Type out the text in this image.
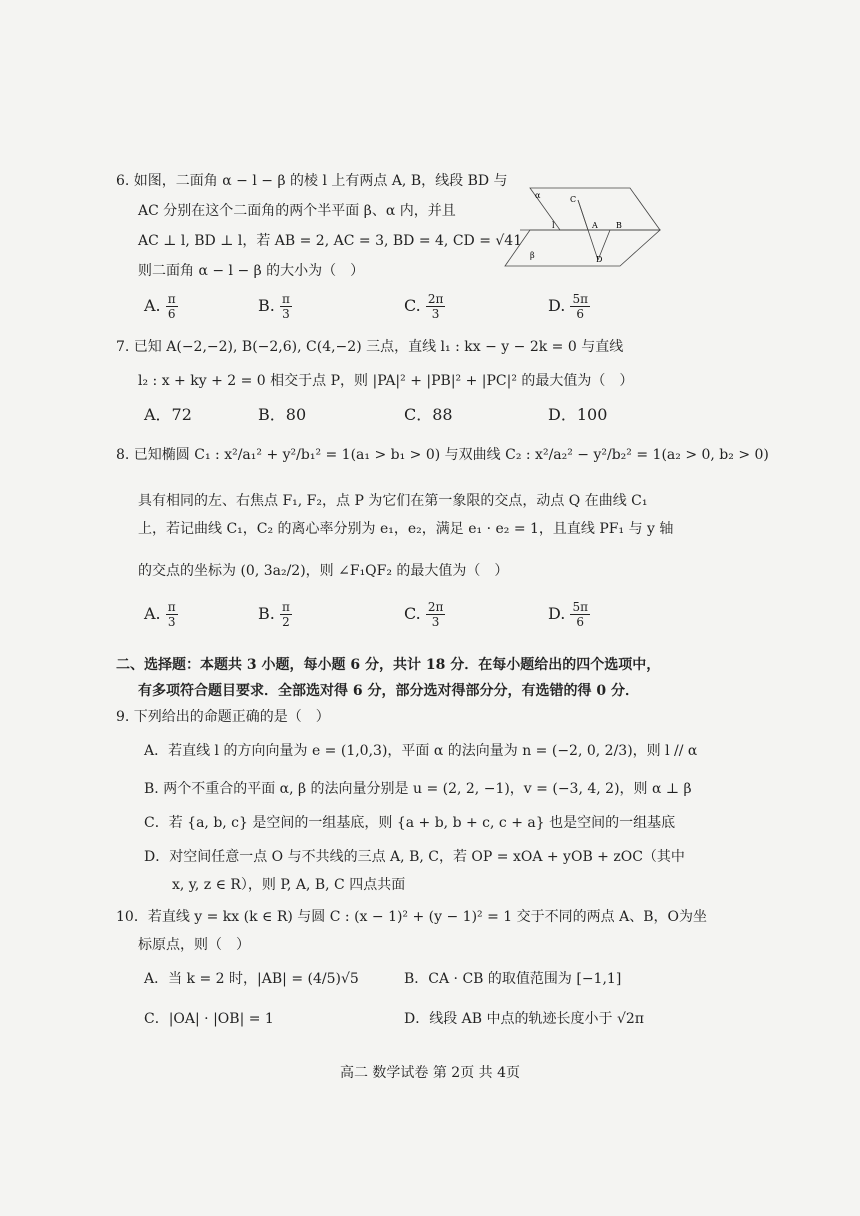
6. 如图，二面角 α − l − β 的棱 l 上有两点 A, B，线段 BD 与
AC 分别在这个二面角的两个半平面 β、α 内，并且
AC ⊥ l, BD ⊥ l，若 AB = 2, AC = 3, BD = 4, CD = √41
则二面角 α − l − β 的大小为（　）
α
β
l
C
A B
D
A. $\frac{\pi}{6}$	B. $\frac{\pi}{3}$	C. $\frac{2\pi}{3}$	D. $\frac{5\pi}{6}$
7. 已知 A(−2,−2), B(−2,6), C(4,−2) 三点，直线 l₁ : kx − y − 2k = 0 与直线
l₂ : x + ky + 2 = 0 相交于点 P，则 |PA|² + |PB|² + |PC|² 的最大值为（　）
A．72	B．80	C．88	D．100
8. 已知椭圆 C₁ : x²/a₁² + y²/b₁² = 1(a₁ > b₁ > 0) 与双曲线 C₂ : x²/a₂² − y²/b₂² = 1(a₂ > 0, b₂ > 0)
具有相同的左、右焦点 F₁, F₂，点 P 为它们在第一象限的交点，动点 Q 在曲线 C₁
上，若记曲线 C₁，C₂ 的离心率分别为 e₁，e₂，满足 e₁ · e₂ = 1，且直线 PF₁ 与 y 轴
的交点的坐标为 (0, 3a₂/2)，则 ∠F₁QF₂ 的最大值为（　）
A. $\frac{\pi}{3}$	B. $\frac{\pi}{2}$	C. $\frac{2\pi}{3}$	D. $\frac{5\pi}{6}$
二、选择题：本题共 3 小题，每小题 6 分，共计 18 分．在每小题给出的四个选项中，
有多项符合题目要求．全部选对得 6 分，部分选对得部分分，有选错的得 0 分．
9. 下列给出的命题正确的是（　）
A．若直线 l 的方向向量为 e = (1,0,3)，平面 α 的法向量为 n = (−2, 0, 2/3)，则 l // α
B. 两个不重合的平面 α, β 的法向量分别是 u = (2, 2, −1)，v = (−3, 4, 2)，则 α ⊥ β
C．若 {a, b, c} 是空间的一组基底，则 {a + b, b + c, c + a} 也是空间的一组基底
D．对空间任意一点 O 与不共线的三点 A, B, C，若 OP = xOA + yOB + zOC（其中
x, y, z ∈ R），则 P, A, B, C 四点共面
10．若直线 y = kx (k ∈ R) 与圆 C : (x − 1)² + (y − 1)² = 1 交于不同的两点 A、B，O为坐
标原点，则（　）
A．当 k = 2 时，|AB| = (4/5)√5	B．CA · CB 的取值范围为 [−1,1]
C．|OA| · |OB| = 1	D．线段 AB 中点的轨迹长度小于 √2π
高二 数学试卷 第 2页 共 4页
